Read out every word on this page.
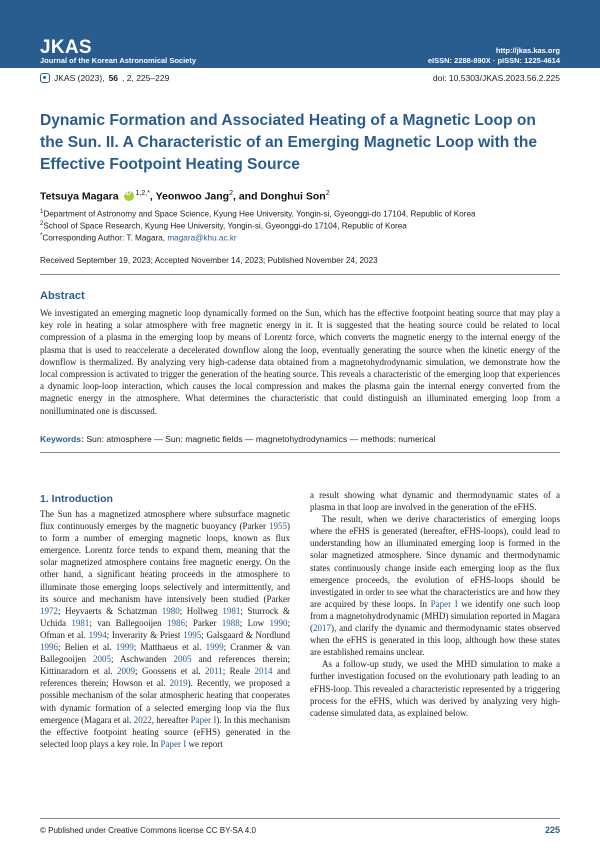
JKAS
Journal of the Korean Astronomical Society
http://jkas.kas.org
eISSN: 2288-890X · pISSN: 1225-4614
JKAS (2023), 56 , 2, 225–229	doi: 10.5303/JKAS.2023.56.2.225
Dynamic Formation and Associated Heating of a Magnetic Loop on the Sun. II. A Characteristic of an Emerging Magnetic Loop with the Effective Footpoint Heating Source
Tetsuya Magara iD $^{1,2,*}$, Yeonwoo Jang$^2$, and Donghui Son$^2$
$^1$Department of Astronomy and Space Science, Kyung Hee University, Yongin-si, Gyeonggi-do 17104, Republic of Korea
$^2$School of Space Research, Kyung Hee University, Yongin-si, Gyeonggi-do 17104, Republic of Korea
*Corresponding Author: T. Magara, magara@khu.ac.kr
Received September 19, 2023; Accepted November 14, 2023; Published November 24, 2023
Abstract

We investigated an emerging magnetic loop dynamically formed on the Sun, which has the effective footpoint heating source that may play a key role in heating a solar atmosphere with free magnetic energy in it. It is suggested that the heating source could be related to local compression of a plasma in the emerging loop by means of Lorentz force, which converts the magnetic energy to the internal energy of the plasma that is used to reaccelerate a decelerated downflow along the loop, eventually generating the source when the kinetic energy of the downflow is thermalized. By analyzing very high-cadense data obtained from a magnetohydrodynamic simulation, we demonstrate how the local compression is activated to trigger the generation of the heating source. This reveals a characteristic of the emerging loop that experiences a dynamic loop-loop interaction, which causes the local compression and makes the plasma gain the internal energy converted from the magnetic energy in the atmosphere. What determines the characteristic that could distinguish an illuminated emerging loop from a nonilluminated one is discussed.

Keywords: Sun: atmosphere — Sun: magnetic fields — magnetohydrodynamics — methods: numerical
1. Introduction

The Sun has a magnetized atmosphere where subsurface magnetic flux continuously emerges by the magnetic buoyancy (Parker 1955) to form a number of emerging magnetic loops, known as flux emergence. Lorentz force tends to expand them, meaning that the solar magnetized atmosphere contains free magnetic energy. On the other hand, a significant heating proceeds in the atmosphere to illuminate those emerging loops selectively and intermittently, and its source and mechanism have intensively been studied (Parker 1972; Heyvaerts & Schatzman 1980; Hollweg 1981; Sturrock & Uchida 1981; van Ballegooijen 1986; Parker 1988; Low 1990; Ofman et al. 1994; Inverarity & Priest 1995; Galsgaard & Nordlund 1996; Belien et al. 1999; Matthaeus et al. 1999; Cranmer & van Ballegooijen 2005; Aschwanden 2005 and references therein; Kittinaradorn et al. 2009; Goossens et al. 2011; Reale 2014 and references therein; Howson et al. 2019). Recently, we proposed a possible mechanism of the solar atmospheric heating that cooperates with dynamic formation of a selected emerging loop via the flux emergence (Magara et al. 2022, hereafter Paper I). In this mechanism the effective footpoint heating source (eFHS) generated in the selected loop plays a key role. In Paper I we report

a result showing what dynamic and thermodynamic states of a plasma in that loop are involved in the generation of the eFHS.

The result, when we derive characteristics of emerging loops where the eFHS is generated (hereafter, eFHS-loops), could lead to understanding how an illuminated emerging loop is formed in the solar magnetized atmosphere. Since dynamic and thermodynamic states continuously change inside each emerging loop as the flux emergence proceeds, the evolution of eFHS-loops should be investigated in order to see what the characteristics are and how they are acquired by these loops. In Paper I we identify one such loop from a magnetohydrodynamic (MHD) simulation reported in Magara (2017), and clarify the dynamic and thermodynamic states observed when the eFHS is generated in this loop, although how these states are established remains unclear.

As a follow-up study, we used the MHD simulation to make a further investigation focused on the evolutionary path leading to an eFHS-loop. This revealed a characteristic represented by a triggering process for the eFHS, which was derived by analyzing very high-cadense simulated data, as explained below.

© Published under Creative Commons license CC BY-SA 4.0	225
